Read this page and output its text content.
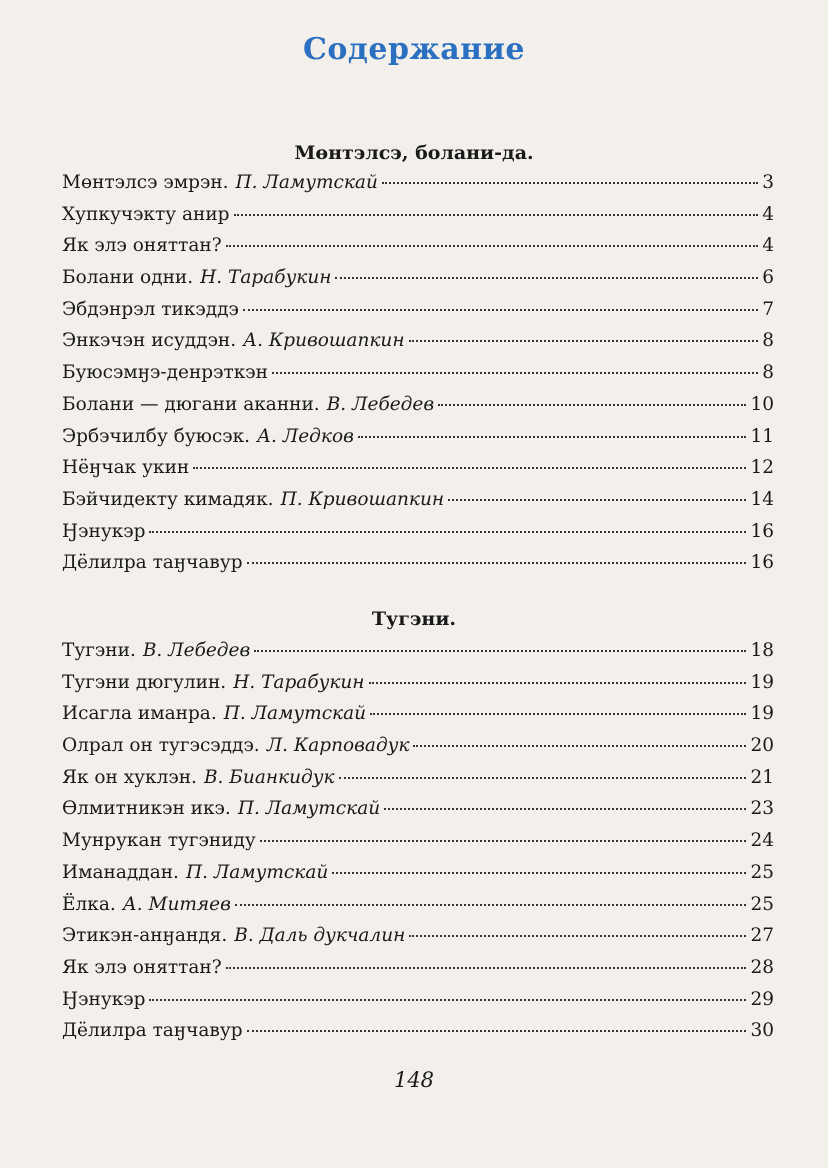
Содержание
Мөнтэлсэ, болани-да.
Мөнтэлсэ эмрэн. П. Ламутскай	3
Хупкучэкту анир	4
Як элэ оняттан?	4
Болани одни. Н. Тарабукин	6
Эбдэнрэл тикэддэ	7
Энкэчэн исуддэн. А. Кривошапкин	8
Буюсэмӈэ-денрэткэн	8
Болани — дюгани аканни. В. Лебедев	10
Эрбэчилбу буюсэк. А. Ледков	11
Нёӈчак укин	12
Бэйчидекту кимадяк. П. Кривошапкин	14
Ӈэнукэр	16
Дёлилра таӈчавур	16
Тугэни.
Тугэни. В. Лебедев	18
Тугэни дюгулин. Н. Тарабукин	19
Исагла иманра. П. Ламутскай	19
Олрал он тугэсэддэ. Л. Карповадук	20
Як он хуклэн. В. Бианкидук	21
Өлмитникэн икэ. П. Ламутскай	23
Мунрукан тугэниду	24
Иманаддан. П. Ламутскай	25
Ёлка. А. Митяев	25
Этикэн-анӈандя. В. Даль дукчалин	27
Як элэ оняттан?	28
Ӈэнукэр	29
Дёлилра таӈчавур	30
148
